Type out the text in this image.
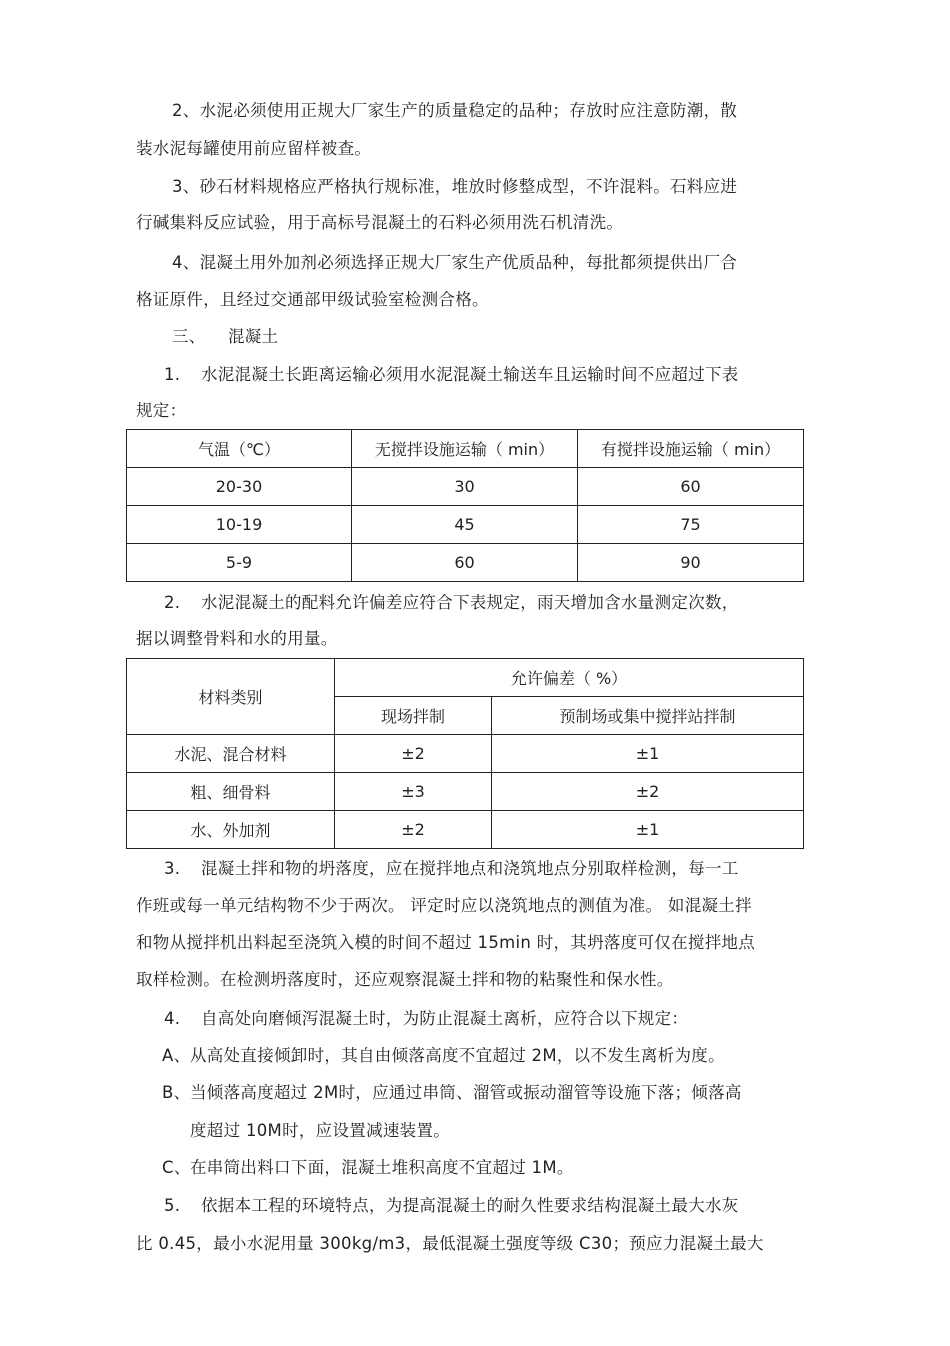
2、水泥必须使用正规大厂家生产的质量稳定的品种；存放时应注意防潮，散
装水泥每罐使用前应留样被查。
3、砂石材料规格应严格执行规标准，堆放时修整成型，不许混料。石料应进
行碱集料反应试验，用于高标号混凝土的石料必须用洗石机清洗。
4、混凝土用外加剂必须选择正规大厂家生产优质品种，每批都须提供出厂合
格证原件，且经过交通部甲级试验室检测合格。
三、 混凝土
1. 水泥混凝土长距离运输必须用水泥混凝土输送车且运输时间不应超过下表
规定：
气温（℃）	无搅拌设施运输（ min）	有搅拌设施运输（ min）
20-30	30	60
10-19	45	75
5-9	60	90
2. 水泥混凝土的配料允许偏差应符合下表规定，雨天增加含水量测定次数，
据以调整骨料和水的用量。
材料类别	允许偏差（ %）	
	现场拌制	预制场或集中搅拌站拌制
水泥、混合材料	±2	±1
粗、细骨料	±3	±2
水、外加剂	±2	±1
3. 混凝土拌和物的坍落度，应在搅拌地点和浇筑地点分别取样检测，每一工
作班或每一单元结构物不少于两次。 评定时应以浇筑地点的测值为准。 如混凝土拌
和物从搅拌机出料起至浇筑入模的时间不超过 15min 时，其坍落度可仅在搅拌地点
取样检测。在检测坍落度时，还应观察混凝土拌和物的粘聚性和保水性。
4. 自高处向磨倾泻混凝土时，为防止混凝土离析，应符合以下规定：
A、 从高处直接倾卸时，其自由倾落高度不宜超过 2M，以不发生离析为度。
B、 当倾落高度超过 2M时，应通过串筒、溜管或振动溜管等设施下落；倾落高
度超过 10M时，应设置减速装置。
C、 在串筒出料口下面，混凝土堆积高度不宜超过 1M。
5. 依据本工程的环境特点，为提高混凝土的耐久性要求结构混凝土最大水灰
比 0.45，最小水泥用量 300kg/m3，最低混凝土强度等级 C30；预应力混凝土最大
